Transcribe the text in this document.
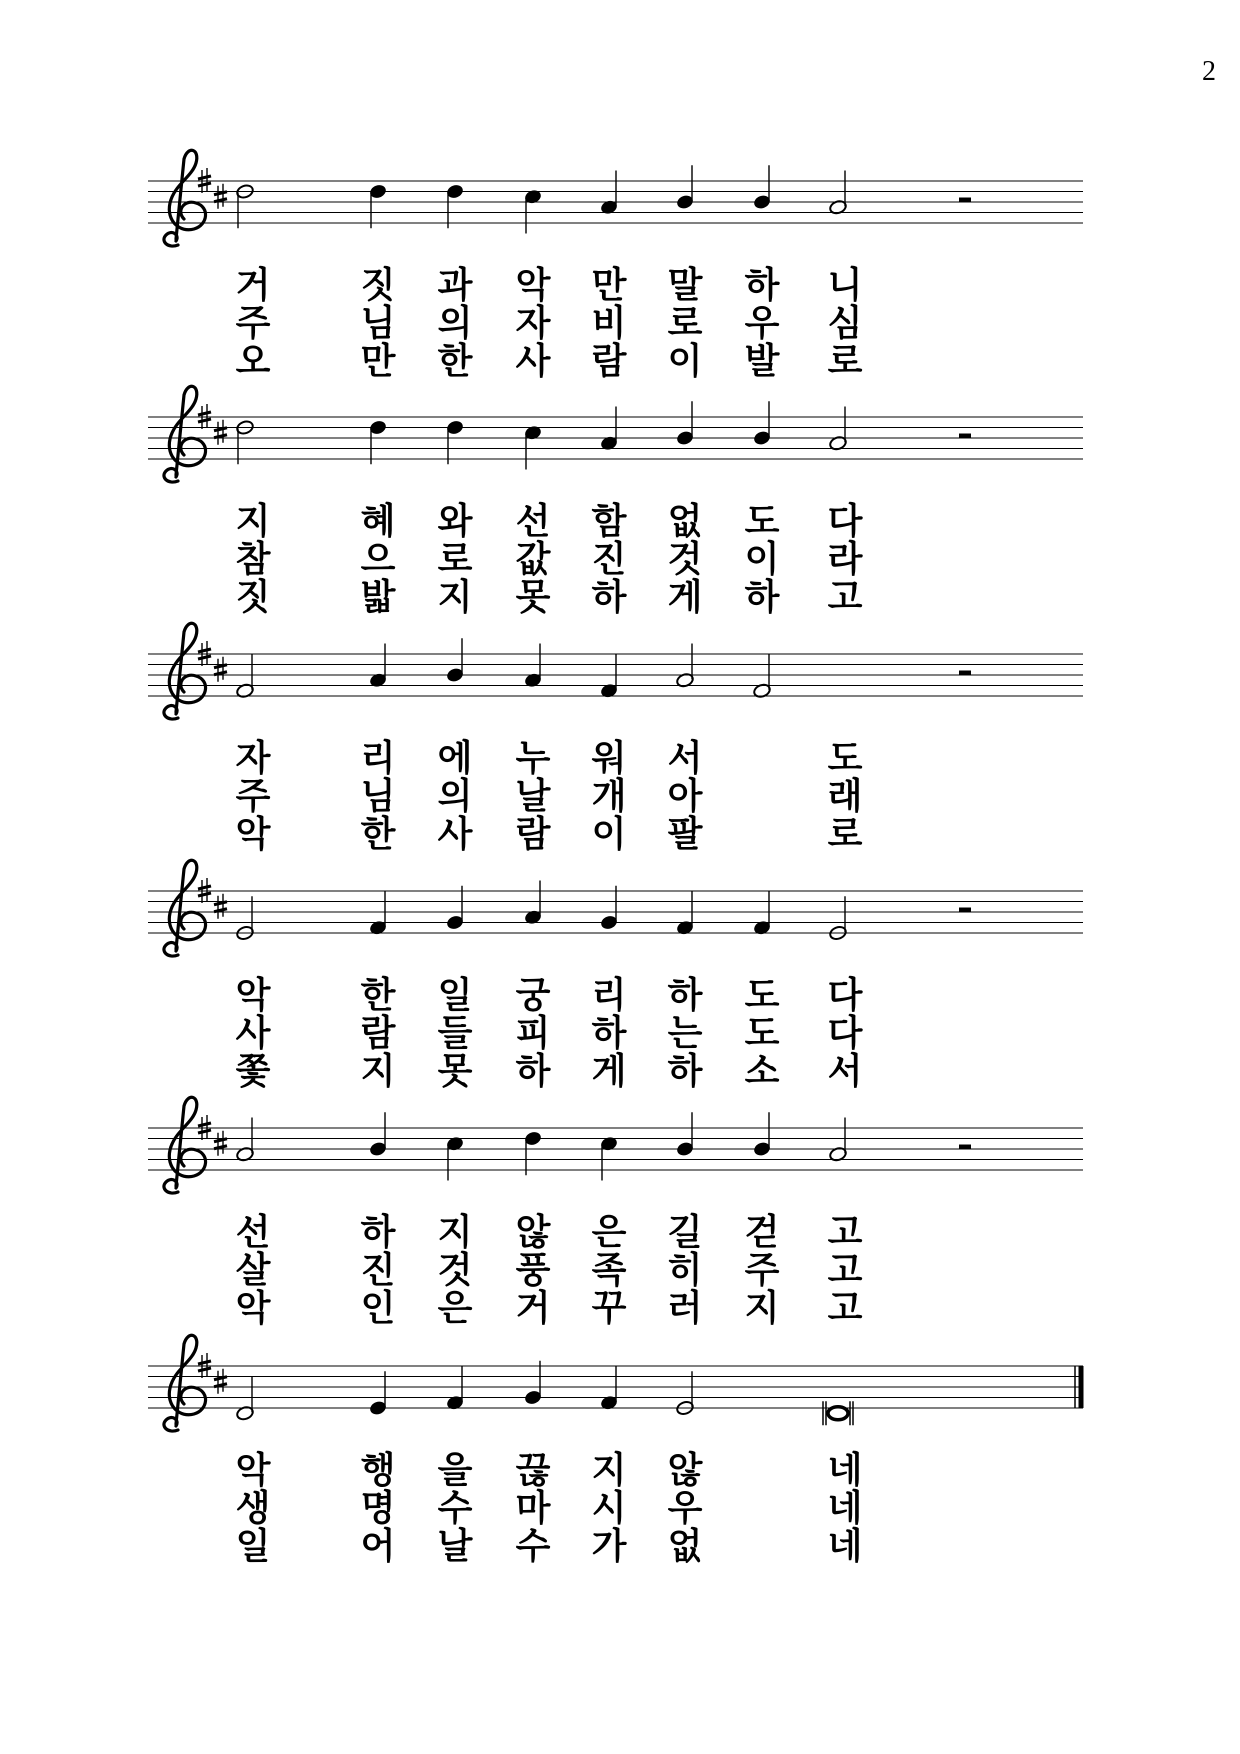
2
거	짓 과 악 만 말 하 니
주	님 의 자 비 로 우 심
오	만 한 사 람 이 발 로
지	혜 와 선 함 없 도 다
참	으 로 값 진 것 이 라
짓	밟 지 못 하 게 하 고
자	리 에 누 워 서	도
주	님 의 날 개 아	래
악	한 사 람 이 팔	로
악	한 일 궁 리 하 도 다
사	람 들 피 하 는 도 다
쫓	지 못 하 게 하 소 서
선	하 지 않 은 길 걷 고
살	진 것 풍 족 히 주 고
악	인 은 거 꾸 러 지 고
악	행 을 끊 지 않	네
생	명 수 마 시 우	네
일	어 날 수 가 없	네
